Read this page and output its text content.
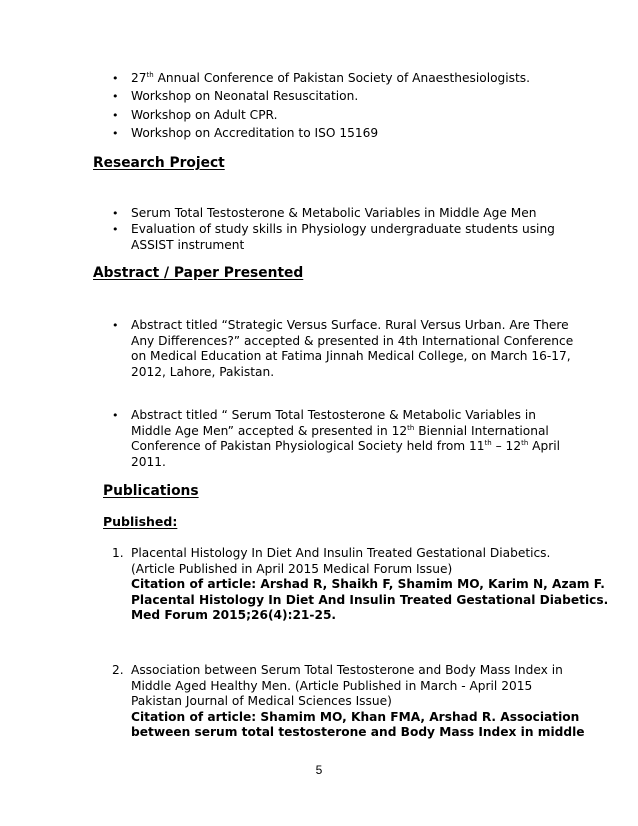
• 27th Annual Conference of Pakistan Society of Anaesthesiologists.
• Workshop on Neonatal Resuscitation.
• Workshop on Adult CPR.
• Workshop on Accreditation to ISO 15169
Research Project
• Serum Total Testosterone & Metabolic Variables in Middle Age Men
• Evaluation of study skills in Physiology undergraduate students using
ASSIST instrument
Abstract / Paper Presented
• Abstract titled “Strategic Versus Surface. Rural Versus Urban. Are There
Any Differences?” accepted & presented in 4th International Conference
on Medical Education at Fatima Jinnah Medical College, on March 16-17,
2012, Lahore, Pakistan.
• Abstract titled “ Serum Total Testosterone & Metabolic Variables in
Middle Age Men” accepted & presented in 12th Biennial International
Conference of Pakistan Physiological Society held from 11th – 12th April
2011.
Publications
Published:
1. Placental Histology In Diet And Insulin Treated Gestational Diabetics.
(Article Published in April 2015 Medical Forum Issue)
Citation of article: Arshad R, Shaikh F, Shamim MO, Karim N, Azam F.
Placental Histology In Diet And Insulin Treated Gestational Diabetics.
Med Forum 2015;26(4):21-25.
2. Association between Serum Total Testosterone and Body Mass Index in
Middle Aged Healthy Men. (Article Published in March - April 2015
Pakistan Journal of Medical Sciences Issue)
Citation of article: Shamim MO, Khan FMA, Arshad R. Association
between serum total testosterone and Body Mass Index in middle
5
